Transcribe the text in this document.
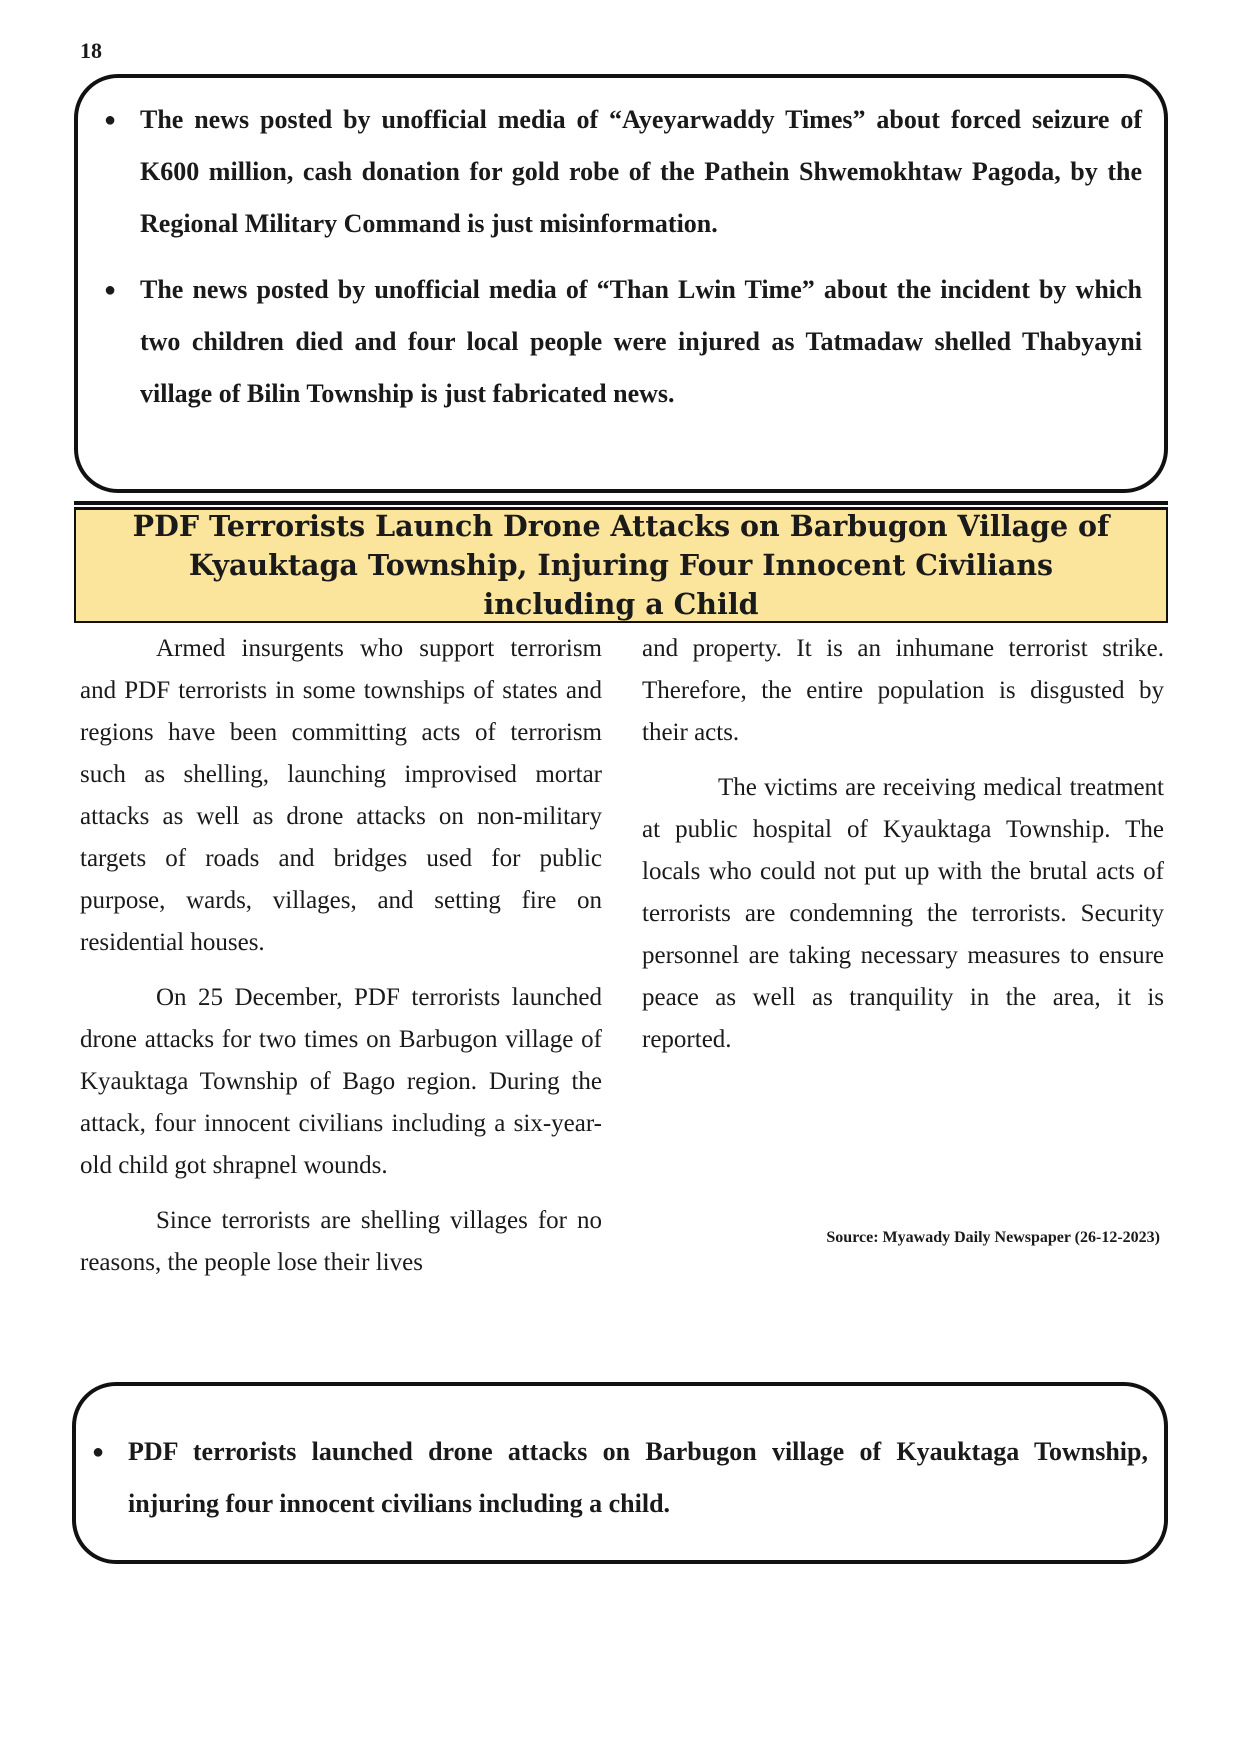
18
● The news posted by unofficial media of “Ayeyarwaddy Times” about forced seizure of K600 million, cash donation for gold robe of the Pathein Shwemokhtaw Pagoda, by the Regional Military Command is just misinformation.
● The news posted by unofficial media of “Than Lwin Time” about the incident by which two children died and four local people were injured as Tatmadaw shelled Thabyayni village of Bilin Township is just fabricated news.
PDF Terrorists Launch Drone Attacks on Barbugon Village of Kyauktaga Township, Injuring Four Innocent Civilians including a Child

Armed insurgents who support terrorism and PDF terrorists in some townships of states and regions have been committing acts of terrorism such as shelling, launching improvised mortar attacks as well as drone attacks on non-military targets of roads and bridges used for public purpose, wards, villages, and setting fire on residential houses.

On 25 December, PDF terrorists launched drone attacks for two times on Barbugon village of Kyauktaga Township of Bago region. During the attack, four innocent civilians including a six-year-old child got shrapnel wounds.

Since terrorists are shelling villages for no reasons, the people lose their lives

and property. It is an inhumane terrorist strike. Therefore, the entire population is disgusted by their acts.

The victims are receiving medical treatment at public hospital of Kyauktaga Township. The locals who could not put up with the brutal acts of terrorists are condemning the terrorists. Security personnel are taking necessary measures to ensure peace as well as tranquility in the area, it is reported.

Source: Myawady Daily Newspaper (26-12-2023)
● PDF terrorists launched drone attacks on Barbugon village of Kyauktaga Township, injuring four innocent civilians including a child.
